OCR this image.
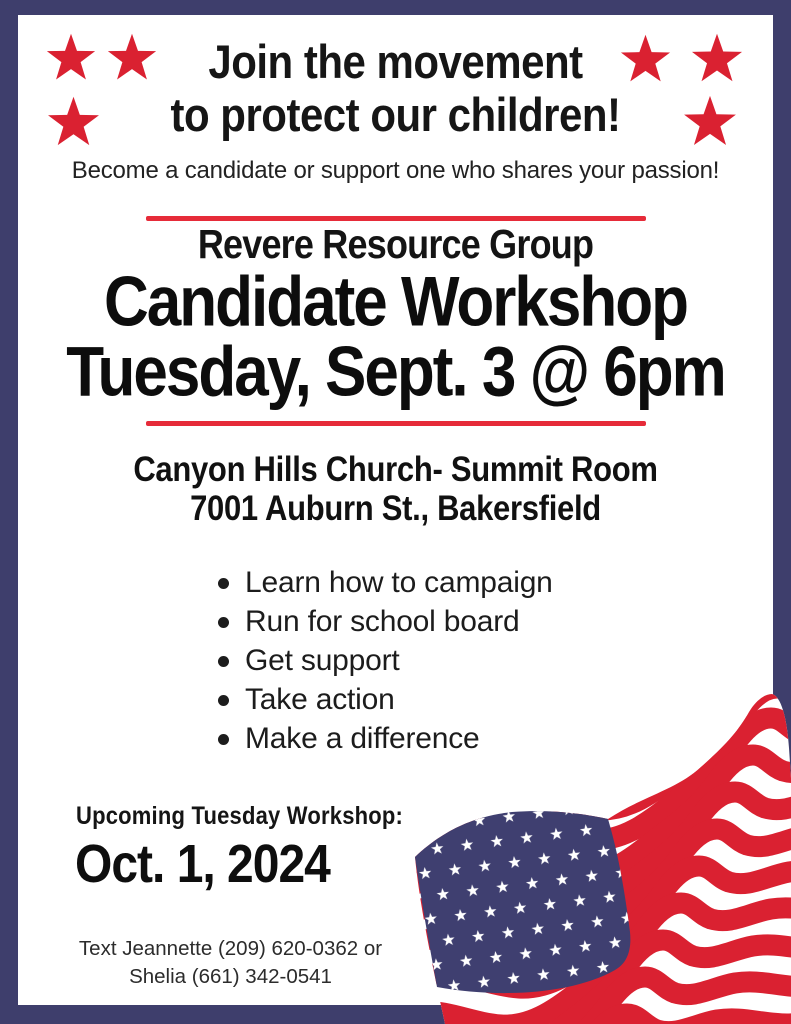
Join the movement
to protect our children!
Become a candidate or support one who shares your passion!
Revere Resource Group
Candidate Workshop
Tuesday, Sept. 3 @ 6pm
Canyon Hills Church- Summit Room
7001 Auburn St., Bakersfield
Learn how to campaign
Run for school board
Get support
Take action
Make a difference
Upcoming Tuesday Workshop:
Oct. 1, 2024
Text Jeannette (209) 620-0362 or
Shelia (661) 342-0541
